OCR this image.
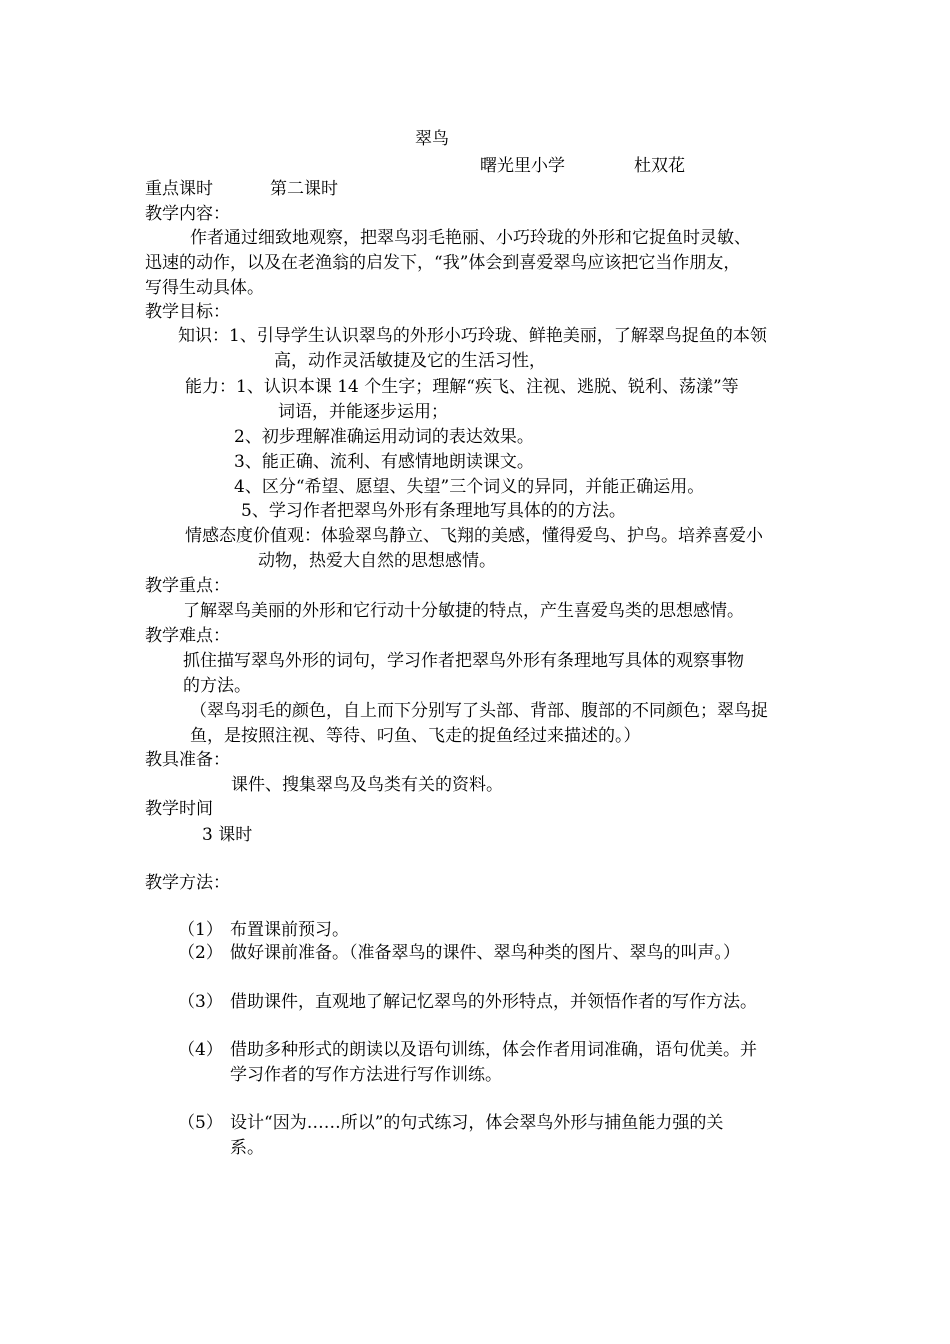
翠鸟
曙光里小学	杜双花
重点课时	第二课时
教学内容：
作者通过细致地观察，把翠鸟羽毛艳丽、小巧玲珑的外形和它捉鱼时灵敏、
迅速的动作，以及在老渔翁的启发下，“我”体会到喜爱翠鸟应该把它当作朋友，
写得生动具体。
教学目标：
知识：1、引导学生认识翠鸟的外形小巧玲珑、鲜艳美丽，了解翠鸟捉鱼的本领
高，动作灵活敏捷及它的生活习性，
能力：1、认识本课 14 个生字；理解“疾飞、注视、逃脱、锐利、荡漾”等
词语，并能逐步运用；
2、初步理解准确运用动词的表达效果。
3、能正确、流利、有感情地朗读课文。
4、区分“希望、愿望、失望”三个词义的异同，并能正确运用。
5、学习作者把翠鸟外形有条理地写具体的的方法。
情感态度价值观：体验翠鸟静立、飞翔的美感，懂得爱鸟、护鸟。培养喜爱小
动物，热爱大自然的思想感情。
教学重点：
了解翠鸟美丽的外形和它行动十分敏捷的特点，产生喜爱鸟类的思想感情。
教学难点：
抓住描写翠鸟外形的词句，学习作者把翠鸟外形有条理地写具体的观察事物
的方法。
（翠鸟羽毛的颜色，自上而下分别写了头部、背部、腹部的不同颜色；翠鸟捉
鱼，是按照注视、等待、叼鱼、飞走的捉鱼经过来描述的。）
教具准备：
课件、搜集翠鸟及鸟类有关的资料。
教学时间
3 课时
教学方法：
（1） 布置课前预习。
（2） 做好课前准备。（准备翠鸟的课件、翠鸟种类的图片、翠鸟的叫声。）
（3） 借助课件，直观地了解记忆翠鸟的外形特点，并领悟作者的写作方法。
（4） 借助多种形式的朗读以及语句训练，体会作者用词准确，语句优美。并
学习作者的写作方法进行写作训练。
（5） 设计“因为……所以”的句式练习，体会翠鸟外形与捕鱼能力强的关
系。
